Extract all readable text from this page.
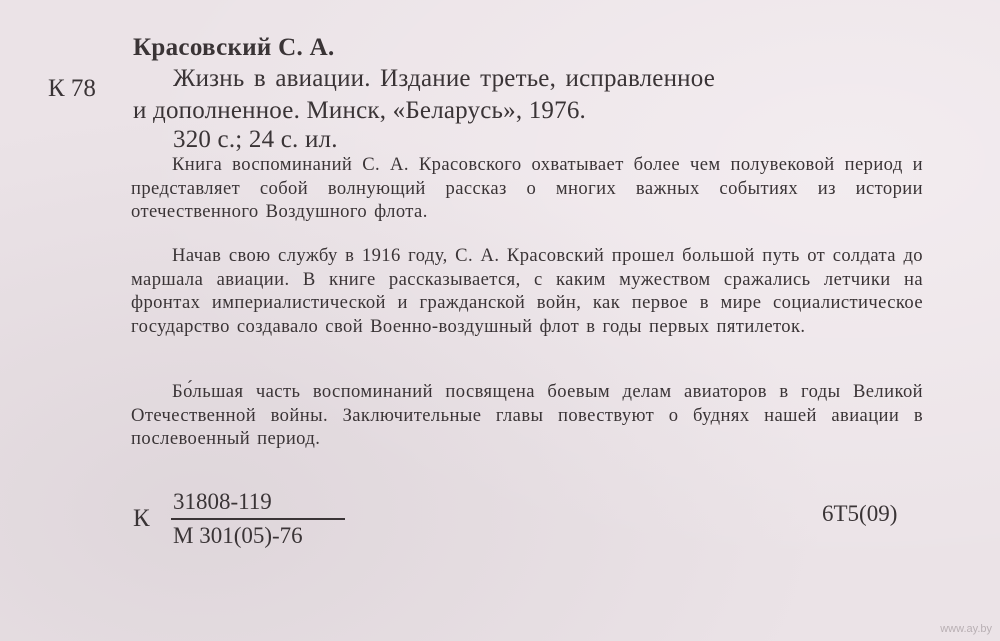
Красовский С. А.
К 78	Жизнь в авиации. Издание третье, исправленное
и дополненное. Минск, «Беларусь», 1976.
320 с.; 24 с. ил.
Книга воспоминаний С. А. Красовского охватывает более чем полувековой период и представляет собой волнующий рассказ о многих важных событиях из истории отечественного Воздушного флота.
Начав свою службу в 1916 году, С. А. Красовский прошел большой путь от солдата до маршала авиации. В книге рассказывается, с каким мужеством сражались летчики на фронтах империалистической и гражданской войн, как первое в мире социалистическое государство создавало свой Военно-воздушный флот в годы первых пятилеток.
Бо́льшая часть воспоминаний посвящена боевым делам авиаторов в годы Великой Отечественной войны. Заключительные главы повествуют о буднях нашей авиации в послевоенный период.
К
31808-119
М 301(05)-76
6Т5(09)
www.ay.by
